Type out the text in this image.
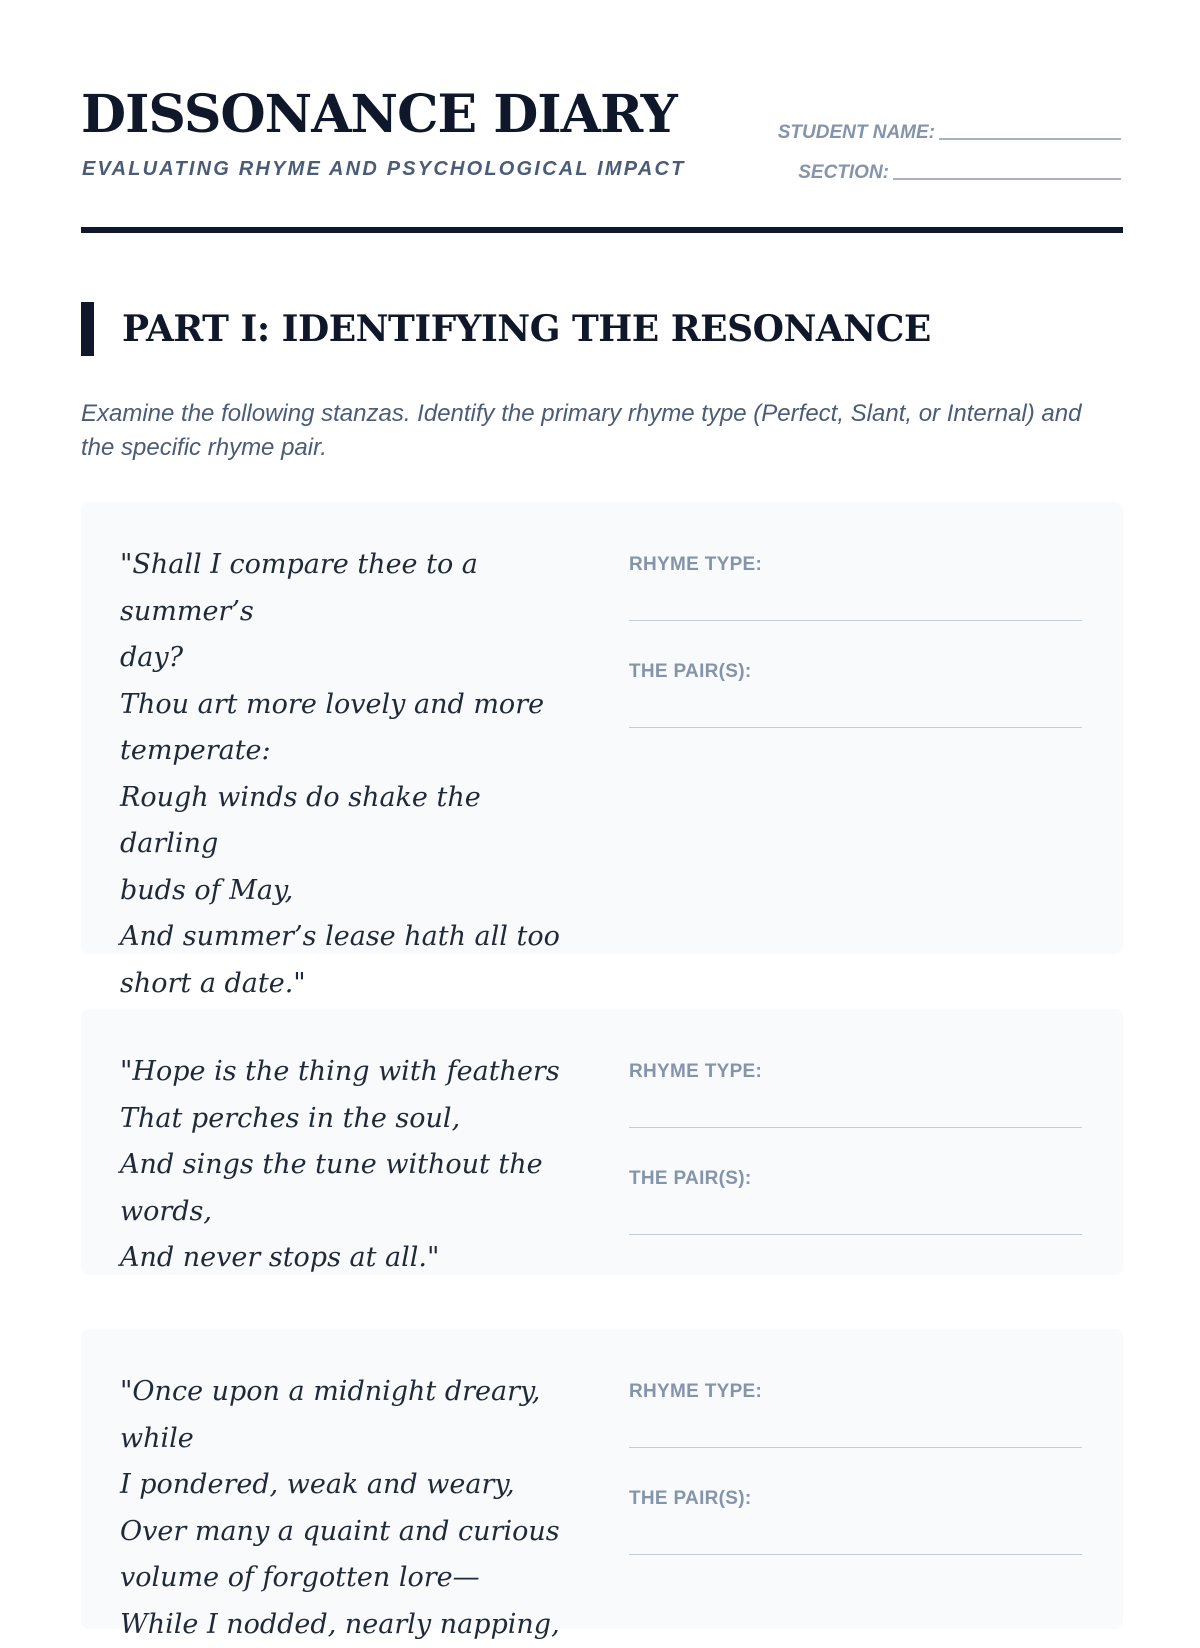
DISSONANCE DIARY

EVALUATING RHYME AND PSYCHOLOGICAL IMPACT

STUDENT NAME:
SECTION:
PART I: IDENTIFYING THE RESONANCE

Examine the following stanzas. Identify the primary rhyme type (Perfect, Slant, or Internal) and the specific rhyme pair.

"Shall I compare thee to a summer’s
day?
Thou art more lovely and more
temperate:
Rough winds do shake the darling
buds of May,
And summer’s lease hath all too
short a date."
RHYME TYPE:
THE PAIR(S):
"Hope is the thing with feathers
That perches in the soul,
And sings the tune without the words,
And never stops at all."
RHYME TYPE:
THE PAIR(S):
"Once upon a midnight dreary, while
I pondered, weak and weary,
Over many a quaint and curious
volume of forgotten lore—
While I nodded, nearly napping,
RHYME TYPE:
THE PAIR(S):
